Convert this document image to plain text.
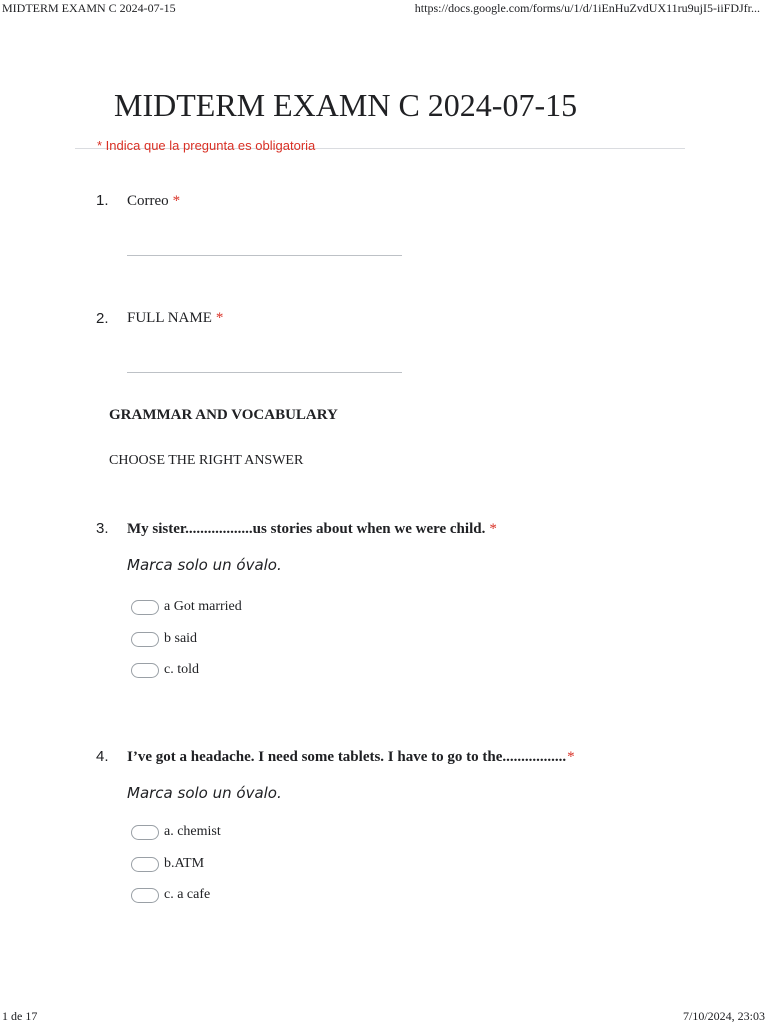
MIDTERM EXAMN C 2024-07-15	https://docs.google.com/forms/u/1/d/1iEnHuZvdUX11ru9ujI5-iiFDJfr...
1 de 17	7/10/2024, 23:03
MIDTERM EXAMN C 2024-07-15
* Indica que la pregunta es obligatoria
1. Correo *
2. FULL NAME *
GRAMMAR AND VOCABULARY
CHOOSE THE RIGHT ANSWER
3. My sister..................us stories about when we were child. *
Marca solo un óvalo.
a Got married
b said
c. told
4. I’ve got a headache. I need some tablets. I have to go to the.................*
Marca solo un óvalo.
a. chemist
b.ATM
c. a cafe
